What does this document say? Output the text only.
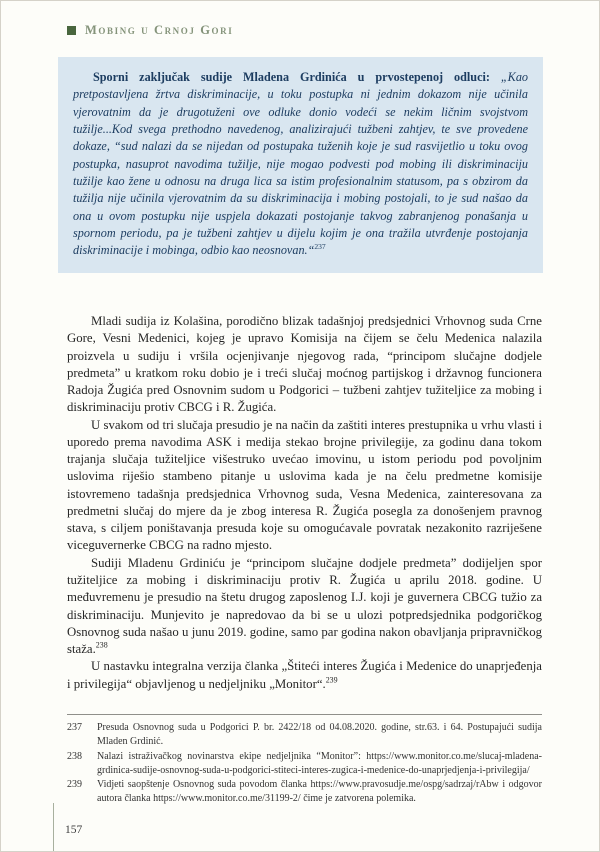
Mobing u Crnoj Gori

Sporni zaključak sudije Mladena Grdinića u prvostepenoj odluci: „Kao pretpostavljena žrtva diskriminacije, u toku postupka ni jednim dokazom nije učinila vjerovatnim da je drugotuženi ove odluke donio vodeći se nekim ličnim svojstvom tužilje...Kod svega prethodno navedenog, analizirajući tužbeni zahtjev, te sve provedene dokaze, “sud nalazi da se nijedan od postupaka tuženih koje je sud rasvijetlio u toku ovog postupka, nasuprot navodima tužilje, nije mogao podvesti pod mobing ili diskriminaciju tužilje kao žene u odnosu na druga lica sa istim profesionalnim statusom, pa s obzirom da tužilja nije učinila vjerovatnim da su diskriminacija i mobing postojali, to je sud našao da ona u ovom postupku nije uspjela dokazati postojanje takvog zabranjenog ponašanja u spornom periodu, pa je tužbeni zahtjev u dijelu kojim je ona tražila utvrđenje postojanja diskriminacije i mobinga, odbio kao neosnovan.“$^{237}$

Mladi sudija iz Kolašina, porodično blizak tadašnjoj predsjednici Vrhovnog suda Crne Gore, Vesni Medenici, kojeg je upravo Komisija na čijem se čelu Medenica nalazila proizvela u sudiju i vršila ocjenjivanje njegovog rada, “principom slučajne dodjele predmeta” u kratkom roku dobio je i treći slučaj moćnog partijskog i državnog funcionera Radoja Žugića pred Osnovnim sudom u Podgorici – tužbeni zahtjev tužiteljice za mobing i diskriminaciju protiv CBCG i R. Žugića.

U svakom od tri slučaja presudio je na način da zaštiti interes prestupnika u vrhu vlasti i uporedo prema navodima ASK i medija stekao brojne privilegije, za godinu dana tokom trajanja slučaja tužiteljice višestruko uvećao imovinu, u istom periodu pod povoljnim uslovima riješio stambeno pitanje u uslovima kada je na čelu predmetne komisije istovremeno tadašnja predsjednica Vrhovnog suda, Vesna Medenica, zainteresovana za predmetni slučaj do mjere da je zbog interesa R. Žugića posegla za donošenjem pravnog stava, s ciljem poništavanja presuda koje su omogućavale povratak nezakonito razriješene viceguvernerke CBCG na radno mjesto.

Sudiji Mladenu Grdiniću je “principom slučajne dodjele predmeta” dodijeljen spor tužiteljice za mobing i diskriminaciju protiv R. Žugića u aprilu 2018. godine. U međuvremenu je presudio na štetu drugog zaposlenog I.J. koji je guvernera CBCG tužio za diskriminaciju. Munjevito je napredovao da bi se u ulozi potpredsjednika podgoričkog Osnovnog suda našao u junu 2019. godine, samo par godina nakon obavljanja pripravničkog staža.$^{238}$

U nastavku integralna verzija članka „Štiteći interes Žugića i Medenice do unaprjeđenja i privilegija“ objavljenog u nedjeljniku „Monitor“.$^{239}$

237	Presuda Osnovnog suda u Podgorici P. br. 2422/18 od 04.08.2020. godine, str.63. i 64. Postupajući sudija Mladen Grdinić.
238	Nalazi istraživačkog novinarstva ekipe nedjeljnika “Monitor”: https://www.monitor.co.me/slucaj-mladena-grdinica-sudije-osnovnog-suda-u-podgorici-stiteci-interes-zugica-i-medenice-do-unaprjedjenja-i-privilegija/
239	Vidjeti saopštenje Osnovnog suda povodom članka https://www.pravosudje.me/ospg/sadrzaj/rAbw i odgovor autora članka https://www.monitor.co.me/31199-2/ čime je zatvorena polemika.
157
